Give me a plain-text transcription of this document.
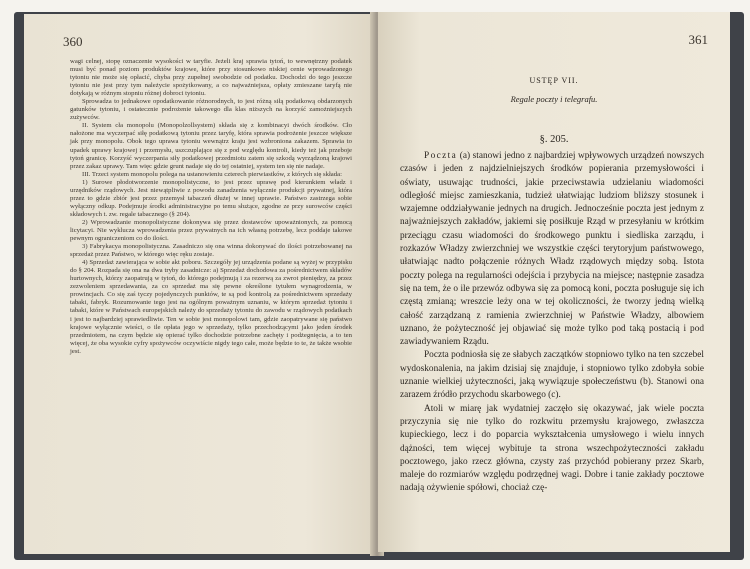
360

wagi celnej, stopę oznaczenie wysokości w taryfie. Jeżeli kraj sprawia tytoń, to wewnętrzny podatek musi być ponad poziom produktów krajowe, które przy stosunkowo niskiej cenie wprowadzonego tytoniu nie może się opłacić, chyba przy zupełnej swobodzie od podatku. Dochodzi do tego jeszcze tytoniu nie jest przy tym należycie spożytkowany, a co najważniejsza, opłaty zmieszane taryfą nie dotykają w różnym stopniu różnej dobroci tytoniu.

Sprowadza to jednakowe opodatkowanie różnorodnych, to jest różną siłą podatkową obdarzonych gatunków tytoniu, i ostatecznie podrożenie takowego dla klas niższych na korzyść zamożniejszych zużywców.

II. System cła monopolu (Monopolzollsystem) składa się z kombinacyi dwóch środków. Cło nałożone ma wyczerpać siłę podatkową tytoniu przez taryfę, która sprawia podrożenie jeszcze większe jak przy monopolu. Obok tego uprawa tytoniu wewnątrz kraju jest wzbroniona zakazem. Sprawia to upadek uprawy krajowej i przemysłu, uszczuplające się z pod względu kontroli, kiedy też jak przeboje tytoń granicę. Korzyść wyczerpania siły podatkowej przedmiotu zatem się szkodą wyrządzoną krajowi przez zakaz uprawy. Tam więc gdzie grunt nadaje się do tej ostatniej, system ten się nie nadaje.

III. Trzeci system monopolu polega na ustanowieniu czterech pierwiastków, z których się składa:

1) Surowe płodotworzenie monopolistyczne, to jest przez uprawę pod kierunkiem władz i urzędników rządowych. Jest niewątpliwie z powodu zanadzenia wyłącznie produkcji prywatnej, która przez to gdzie zbiór jest przez przemysł tabaczeń dłużej w innej uprawie. Państwo zastrzega sobie wyłączny odkup. Podejmuje środki administracyjne po temu służące, zgodne ze przy surowców części składowych t. zw. regale tabacznego (§ 204).

2) Wprowadzanie monopolistyczne dokonywa się przez dostawców upoważnionych, za pomocą licytacyi. Nie wyklucza wprowadzenia przez prywatnych na ich własną potrzebę, lecz poddaje takowe pewnym ograniczeniom co do ilości.

3) Fabrykacya monopolistyczna. Zasadniczo się ona winna dokonywać do ilości potrzebowanej na sprzedaż przez Państwo, w którego więc ręku zostaje.

4) Sprzedaż zawierająca w sobie akt poboru. Szczegóły jej urządzenia podane są wyżej w przypisku do § 204. Rozpada się ona na dwa tryby zasadnicze: a) Sprzedaż dochodowa za pośrednictwem składów hurtownych, którzy zaopatrują w tytoń, do którego podejmują i za rezerwą za zwrot pieniędzy, za przez zezwoleniem sprzedawania, za co sprzedaż ma się pewne określone tytułem wynagrodzenia, w prowincjach. Co się zaś tyczy pojedynczych punktów, te są pod kontrolą za pośrednictwem sprzedaży tabaki, fabryk. Rozumowanie tego jest na ogólnym poważnym uznaniu, w którym sprzedaż tytoniu i tabaki, które w Państwach europejskich należy do sprzedaży tytoniu do zawodu w rządowych podatkach i jest to najbardziej sprawiedliwie. Ten w sobie jest monopolowi tam, gdzie zaopatrywane się państwo krajowe wyłącznie wieści, o ile opłata jego w sprzedaży, tylko przechodzącymi jako jeden środek przedmiotem, na czym będzie się opierać tylko dochodzie potrzebne zachęty i podżegnięcia, a to ten więcej, że oba wysokie cyfry spożywców oczywiście nigdy tego całe, może będzie to te, że także wsobie jest.

361
USTĘP VII.
Regale poczty i telegrafu.
§. 205.

Poczta (a) stanowi jedno z najbardziej wpływowych urządzeń nowszych czasów i jeden z najdzielniejszych środków popierania przemysłowości i oświaty, usuwając trudności, jakie przeciwstawia udzielaniu wiadomości odległość miejsc zamieszkania, tudzież ułatwiając ludziom bliższy stosunek i wzajemne oddziaływanie jednych na drugich. Jednocześnie poczta jest jednym z najważniejszych zakładów, jakiemi się posiłkuje Rząd w przesyłaniu w krótkim przeciągu czasu wiadomości do środkowego punktu i siedliska zarządu, i rozkazów Władzy zwierzchniej we wszystkie części terytoryjum państwowego, ułatwiając nadto połączenie różnych Władz rządowych między sobą. Istota poczty polega na regularności odejścia i przybycia na miejsce; następnie zasadza się na tem, że o ile przewóz odbywa się za pomocą koni, poczta posługuje się ich częstą zmianą; wreszcie leży ona w tej okoliczności, że tworzy jedną wielką całość zarządzaną z ramienia zwierzchniej w Państwie Władzy, albowiem uznano, że pożyteczność jej objawiać się może tylko pod taką postacią i pod zawiadywaniem Rządu.

Poczta podniosła się ze słabych zaczątków stopniowo tylko na ten szczebel wydoskonalenia, na jakim dzisiaj się znajduje, i stopniowo tylko zdobyła sobie uznanie wielkiej użyteczności, jaką wywiązuje społeczeństwu (b). Stanowi ona zarazem źródło przychodu skarbowego (c).

Atoli w miarę jak wydatniej zaczęło się okazywać, jak wiele poczta przyczynia się nie tylko do rozkwitu przemysłu krajowego, zwłaszcza kupieckiego, lecz i do poparcia wykształcenia umysłowego i wielu innych dążności, tem więcej wybituje ta strona wszechpożyteczności zakładu pocztowego, jako rzecz główna, czysty zaś przychód pobierany przez Skarb, maleje do rozmiarów względu podrzędnej wagi. Dobre i tanie zakłady pocztowe nadają ożywienie spółowi, chociaż czę-
